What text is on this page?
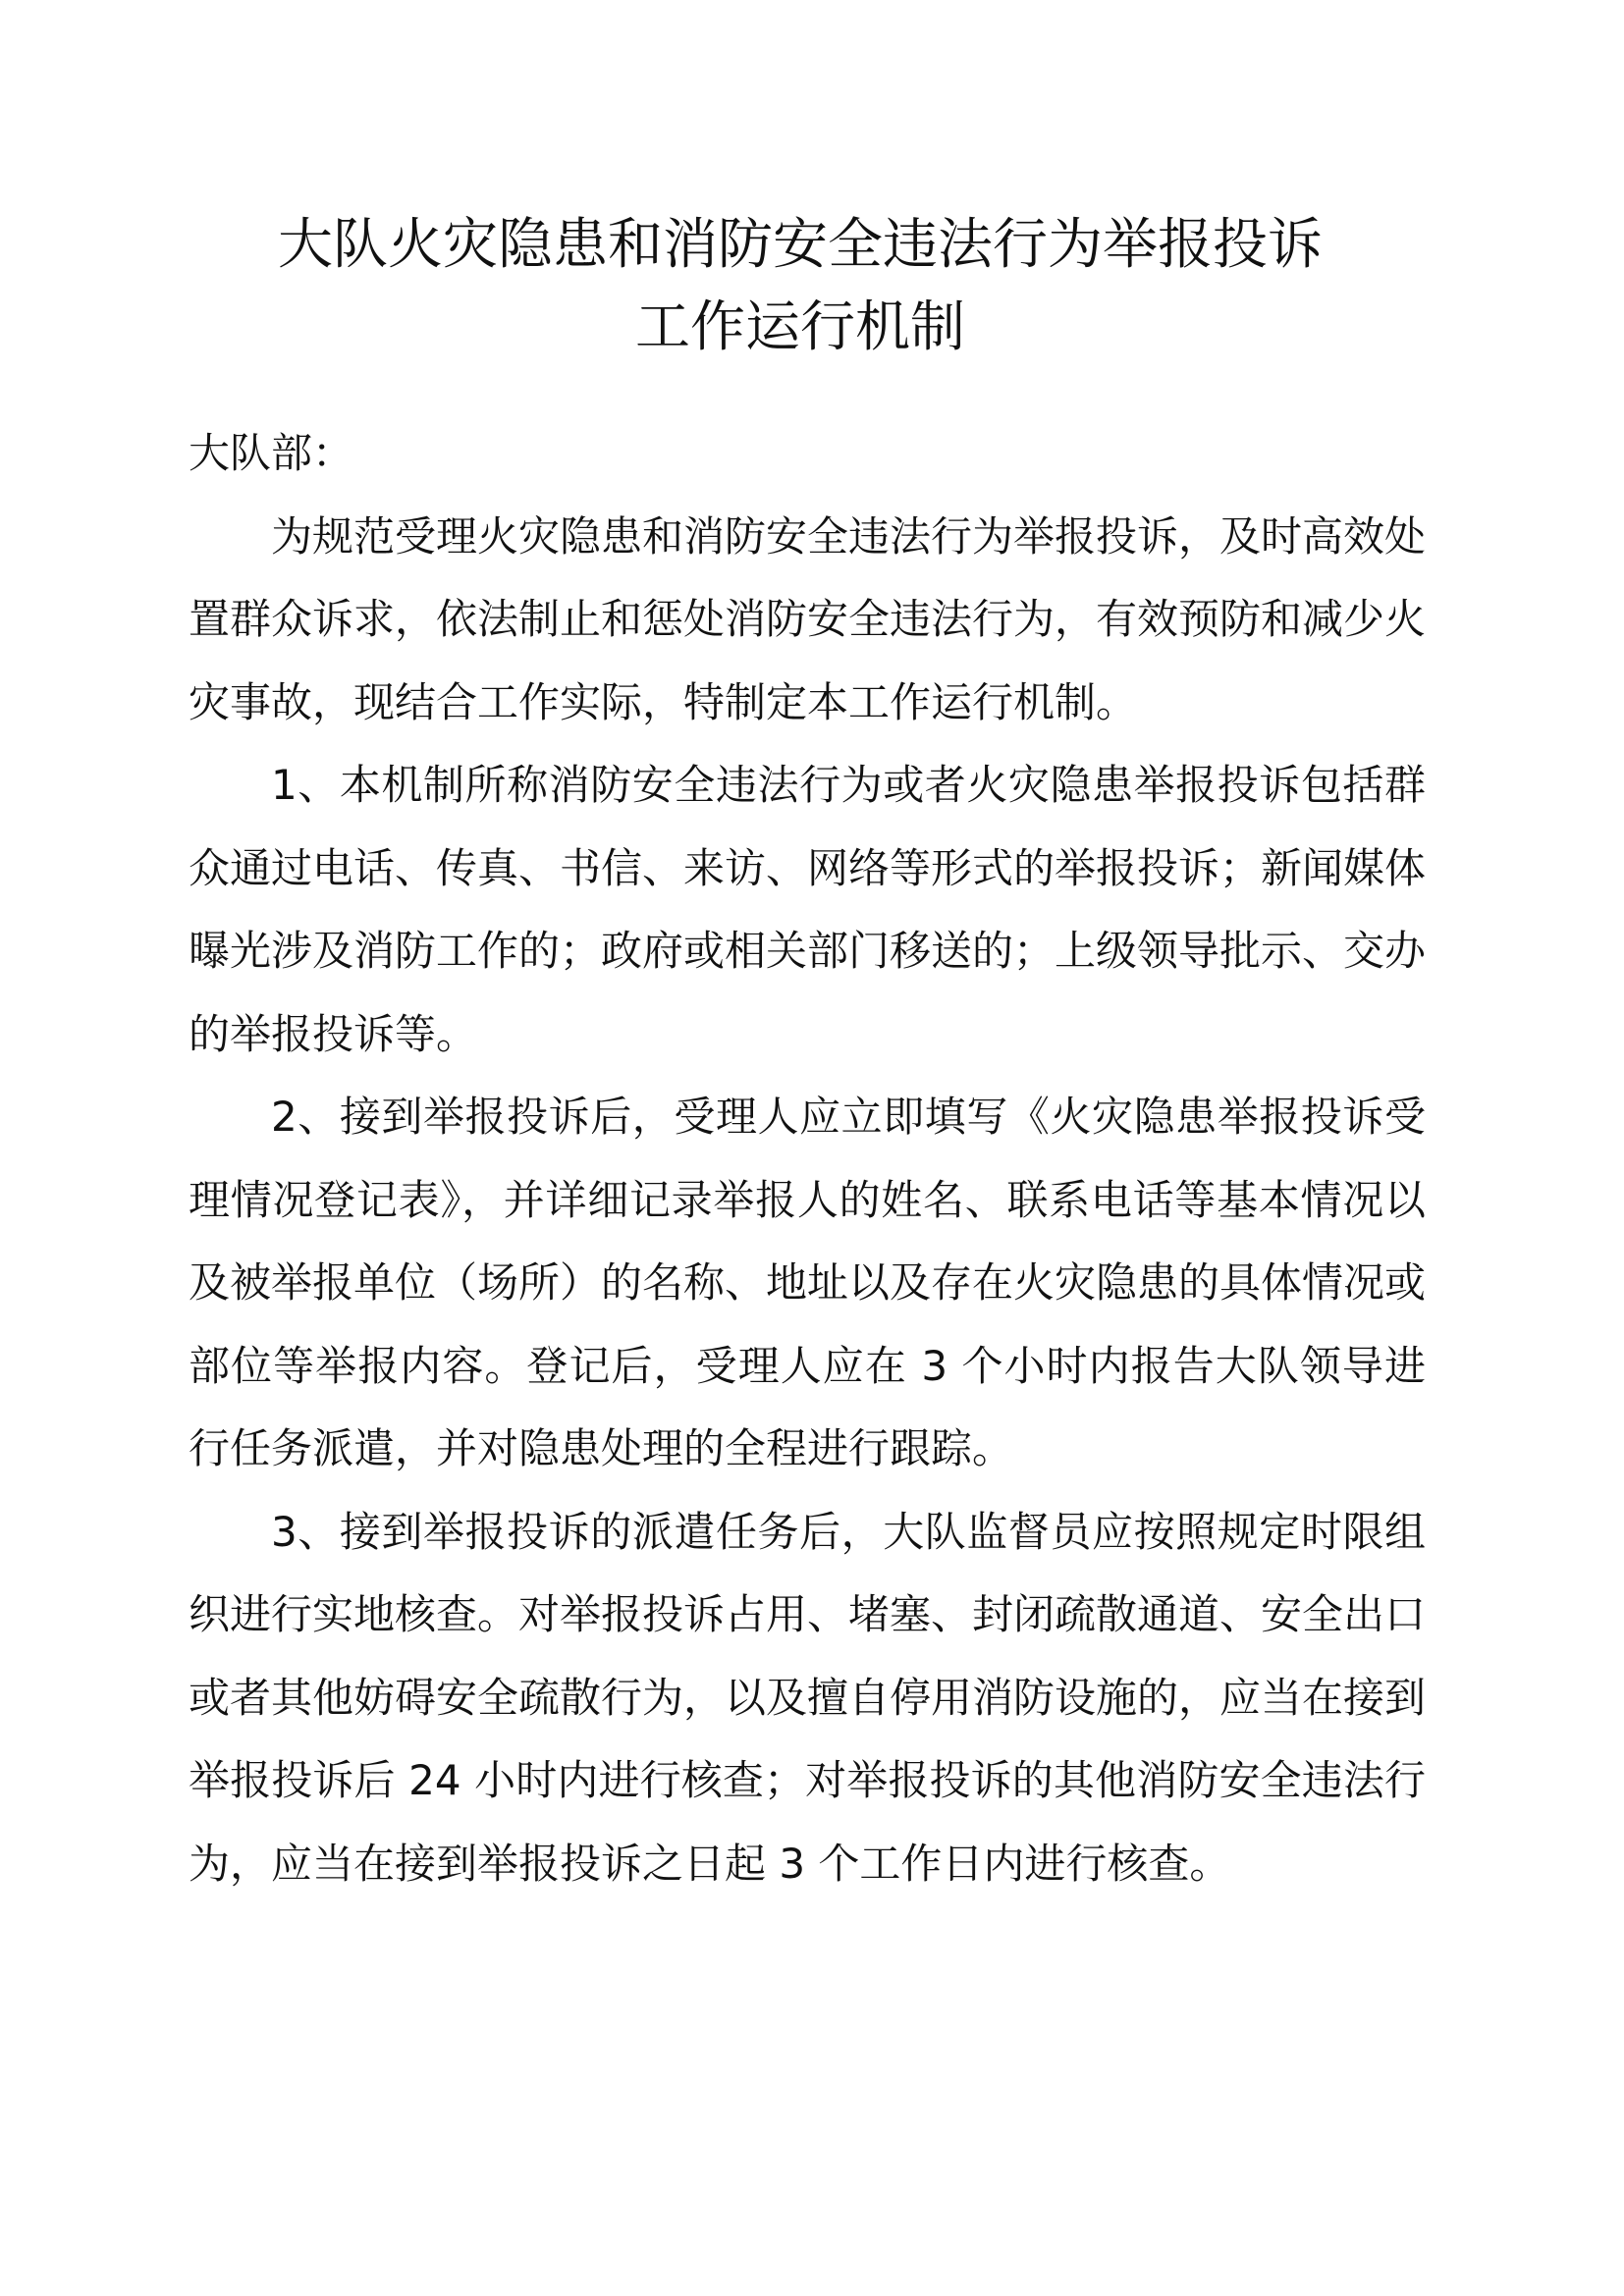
大队火灾隐患和消防安全违法行为举报投诉
工作运行机制

大队部：

为规范受理火灾隐患和消防安全违法行为举报投诉，及时高效处置群众诉求，依法制止和惩处消防安全违法行为，有效预防和减少火灾事故，现结合工作实际，特制定本工作运行机制。

1、本机制所称消防安全违法行为或者火灾隐患举报投诉包括群众通过电话、传真、书信、来访、网络等形式的举报投诉；新闻媒体曝光涉及消防工作的；政府或相关部门移送的；上级领导批示、交办的举报投诉等。

2、接到举报投诉后，受理人应立即填写《火灾隐患举报投诉受理情况登记表》，并详细记录举报人的姓名、联系电话等基本情况以及被举报单位（场所）的名称、地址以及存在火灾隐患的具体情况或部位等举报内容。登记后，受理人应在 3 个小时内报告大队领导进行任务派遣，并对隐患处理的全程进行跟踪。

3、接到举报投诉的派遣任务后，大队监督员应按照规定时限组织进行实地核查。对举报投诉占用、堵塞、封闭疏散通道、安全出口或者其他妨碍安全疏散行为，以及擅自停用消防设施的，应当在接到举报投诉后 24 小时内进行核查；对举报投诉的其他消防安全违法行为，应当在接到举报投诉之日起 3 个工作日内进行核查。
